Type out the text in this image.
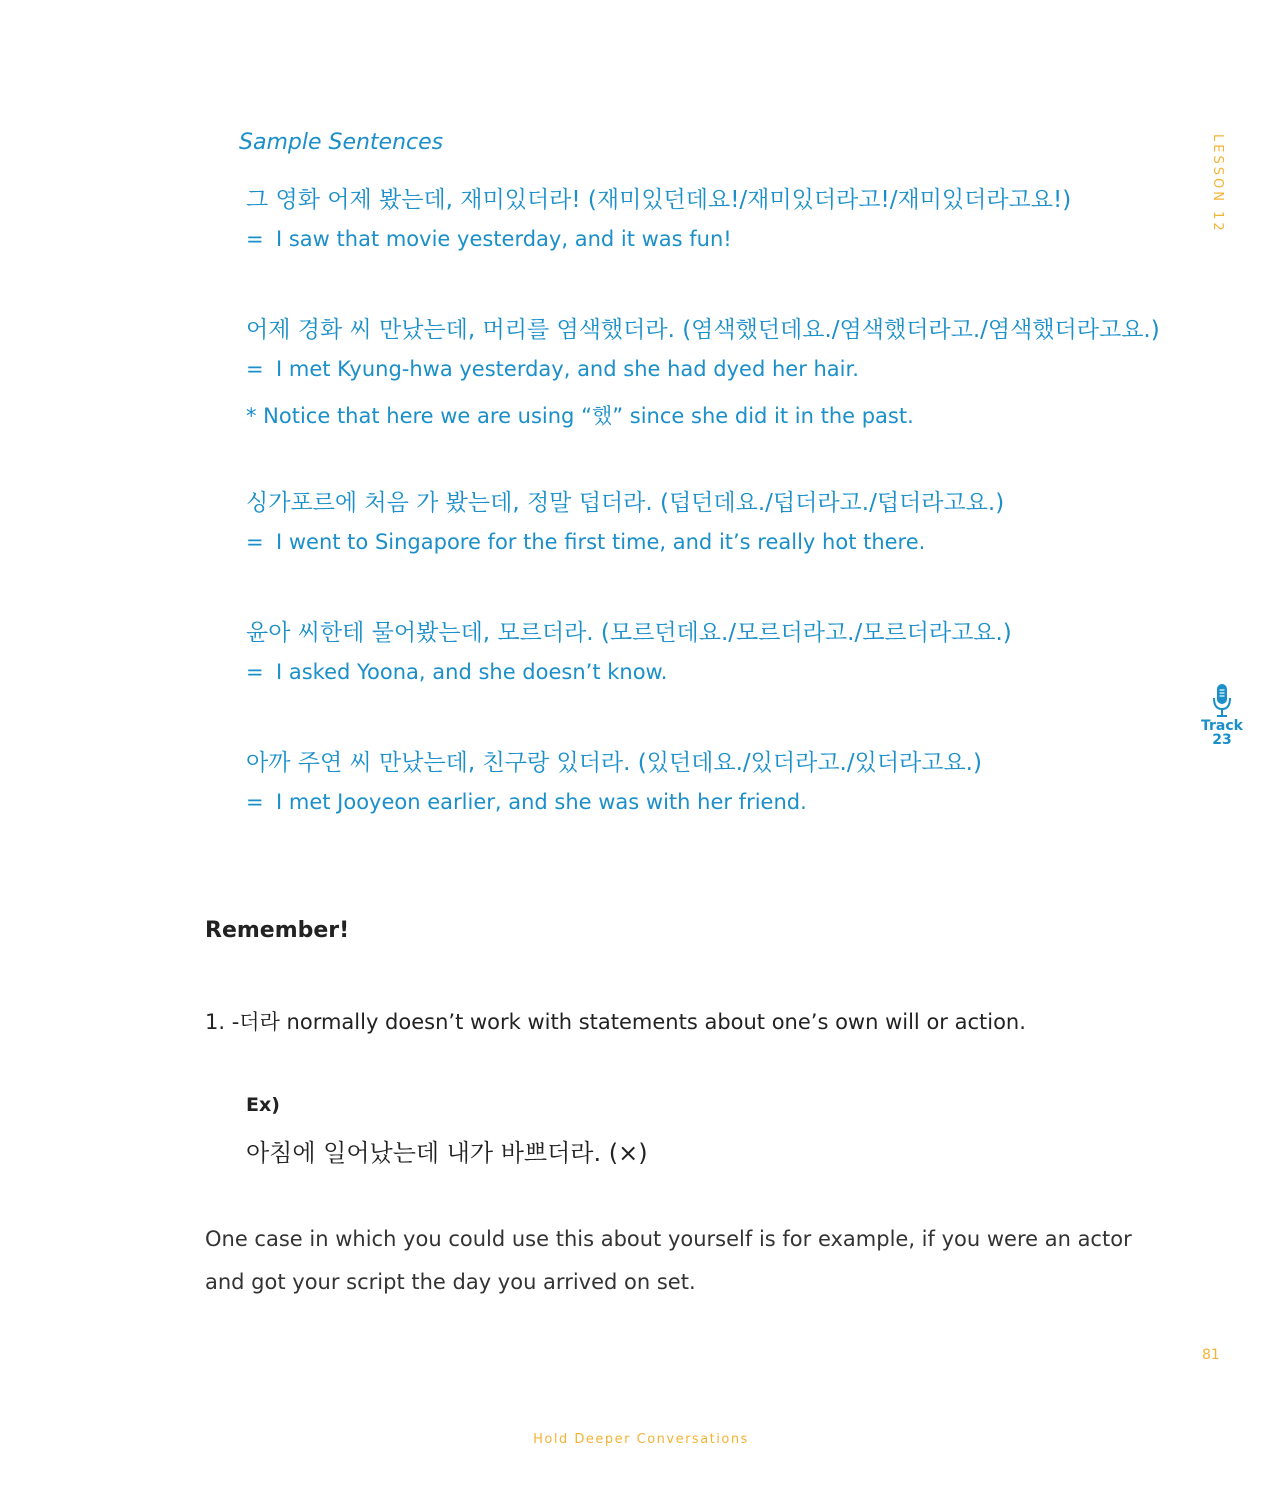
Sample Sentences	LESSON 12
그 영화 어제 봤는데, 재미있더라! (재미있던데요!/재미있더라고!/재미있더라고요!)
= I saw that movie yesterday, and it was fun!
어제 경화 씨 만났는데, 머리를 염색했더라. (염색했던데요./염색했더라고./염색했더라고요.)
= I met Kyung-hwa yesterday, and she had dyed her hair.
* Notice that here we are using “했” since she did it in the past.
싱가포르에 처음 가 봤는데, 정말 덥더라. (덥던데요./덥더라고./덥더라고요.)
= I went to Singapore for the first time, and it’s really hot there.
윤아 씨한테 물어봤는데, 모르더라. (모르던데요./모르더라고./모르더라고요.)
= I asked Yoona, and she doesn’t know.
아까 주연 씨 만났는데, 친구랑 있더라. (있던데요./있더라고./있더라고요.)
= I met Jooyeon earlier, and she was with her friend.
Track
23
Remember!
1. -더라 normally doesn’t work with statements about one’s own will or action.
Ex)
아침에 일어났는데 내가 바쁘더라. (×)
One case in which you could use this about yourself is for example, if you were an actor and got your script the day you arrived on set.
81
Hold Deeper Conversations
